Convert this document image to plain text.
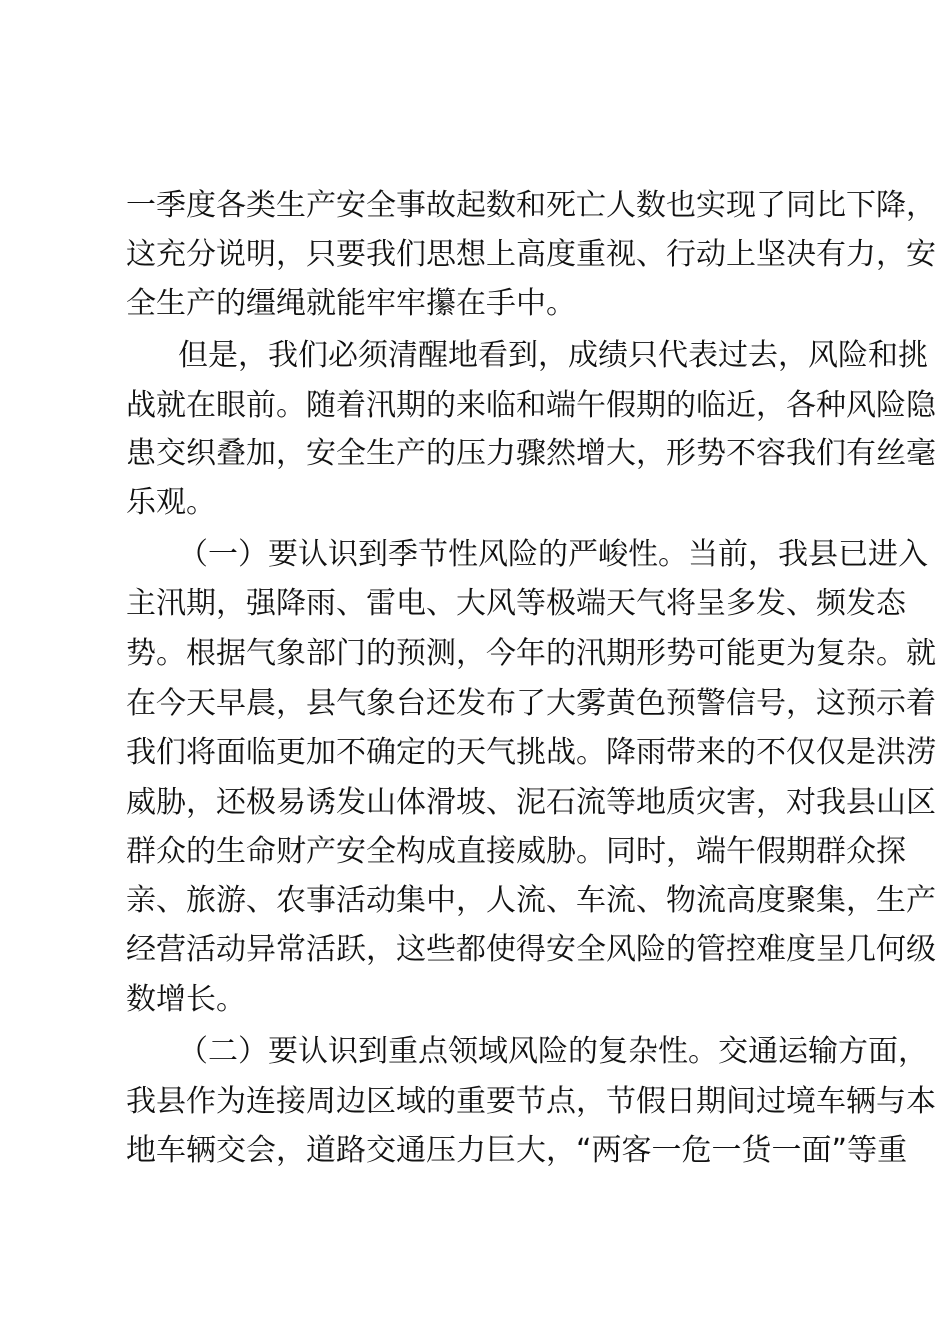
一季度各类生产安全事故起数和死亡人数也实现了同比下降，
这充分说明，只要我们思想上高度重视、行动上坚决有力，安
全生产的缰绳就能牢牢攥在手中。
但是，我们必须清醒地看到，成绩只代表过去，风险和挑
战就在眼前。随着汛期的来临和端午假期的临近，各种风险隐
患交织叠加，安全生产的压力骤然增大，形势不容我们有丝毫
乐观。
（一）要认识到季节性风险的严峻性。当前，我县已进入
主汛期，强降雨、雷电、大风等极端天气将呈多发、频发态
势。根据气象部门的预测，今年的汛期形势可能更为复杂。就
在今天早晨，县气象台还发布了大雾黄色预警信号，这预示着
我们将面临更加不确定的天气挑战。降雨带来的不仅仅是洪涝
威胁，还极易诱发山体滑坡、泥石流等地质灾害，对我县山区
群众的生命财产安全构成直接威胁。同时，端午假期群众探
亲、旅游、农事活动集中，人流、车流、物流高度聚集，生产
经营活动异常活跃，这些都使得安全风险的管控难度呈几何级
数增长。
（二）要认识到重点领域风险的复杂性。交通运输方面，
我县作为连接周边区域的重要节点，节假日期间过境车辆与本
地车辆交会，道路交通压力巨大，“两客一危一货一面”等重
